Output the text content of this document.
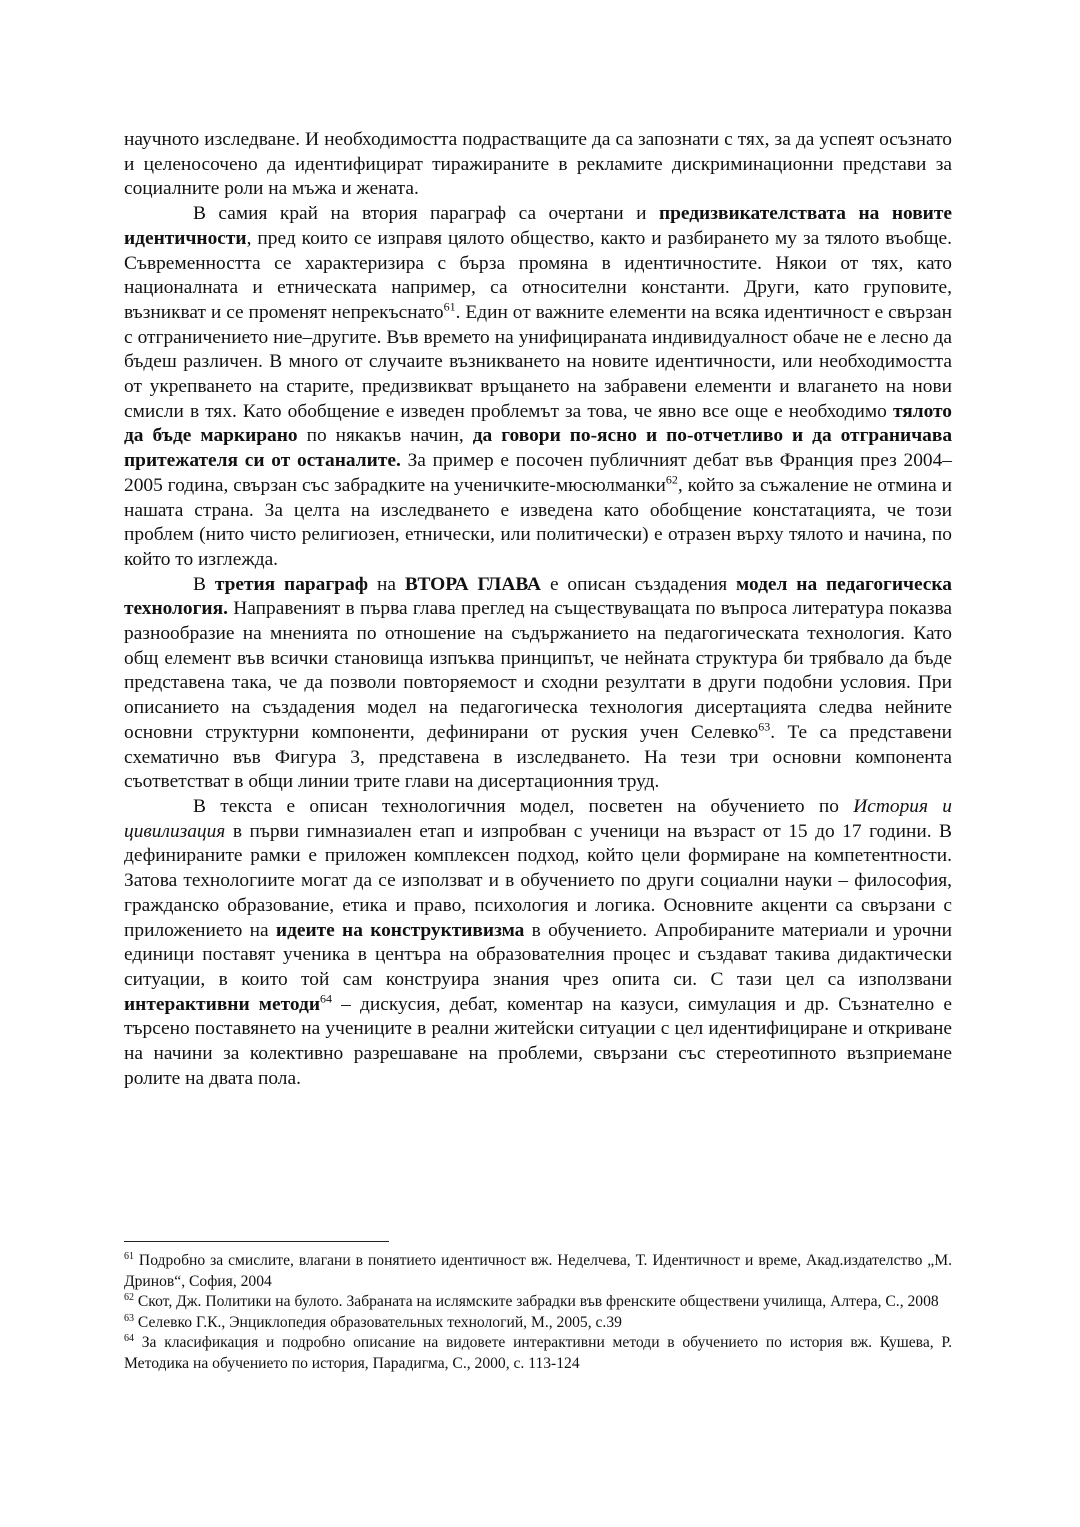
научното изследване. И необходимостта подрастващите да са запознати с тях, за да успеят осъзнато и целеносочено да идентифицират тиражираните в рекламите дискриминационни представи за социалните роли на мъжа и жената.

В самия край на втория параграф са очертани и предизвикателствата на новите идентичности, пред които се изправя цялото общество, както и разбирането му за тялото въобще. Съвременността се характеризира с бърза промяна в идентичностите. Някои от тях, като националната и етническата например, са относителни константи. Други, като груповите, възникват и се променят непрекъснато$^{61}$. Един от важните елементи на всяка идентичност е свързан с отграничението ние–другите. Във времето на унифицираната индивидуалност обаче не е лесно да бъдеш различен. В много от случаите възникването на новите идентичности, или необходимостта от укрепването на старите, предизвикват връщането на забравени елементи и влагането на нови смисли в тях. Като обобщение е изведен проблемът за това, че явно все още е необходимо тялото да бъде маркирано по някакъв начин, да говори по-ясно и по-отчетливо и да отграничава притежателя си от останалите. За пример е посочен публичният дебат във Франция през 2004–2005 година, свързан със забрадките на ученичките-мюсюлманки$^{62}$, който за съжаление не отмина и нашата страна. За целта на изследването е изведена като обобщение констатацията, че този проблем (нито чисто религиозен, етнически, или политически) е отразен върху тялото и начина, по който то изглежда.

В третия параграф на ВТОРА ГЛАВА е описан създадения модел на педагогическа технология. Направеният в първа глава преглед на съществуващата по въпроса литература показва разнообразие на мненията по отношение на съдържанието на педагогическата технология. Като общ елемент във всички становища изпъква принципът, че нейната структура би трябвало да бъде представена така, че да позволи повторяемост и сходни резултати в други подобни условия. При описанието на създадения модел на педагогическа технология дисертацията следва нейните основни структурни компоненти, дефинирани от руския учен Селевко$^{63}$. Те са представени схематично във Фигура 3, представена в изследването. На тези три основни компонента съответстват в общи линии трите глави на дисертационния труд.

В текста е описан технологичния модел, посветен на обучението по История и цивилизация в първи гимназиален етап и изпробван с ученици на възраст от 15 до 17 години. В дефинираните рамки е приложен комплексен подход, който цели формиране на компетентности. Затова технологиите могат да се използват и в обучението по други социални науки – философия, гражданско образование, етика и право, психология и логика. Основните акценти са свързани с приложението на идеите на конструктивизма в обучението. Апробираните материали и урочни единици поставят ученика в центъра на образователния процес и създават такива дидактически ситуации, в които той сам конструира знания чрез опита си. С тази цел са използвани интерактивни методи$^{64}$ – дискусия, дебат, коментар на казуси, симулация и др. Съзнателно е търсено поставянето на учениците в реални житейски ситуации с цел идентифициране и откриване на начини за колективно разрешаване на проблеми, свързани със стереотипното възприемане ролите на двата пола.

$^{61}$ Подробно за смислите, влагани в понятието идентичност вж. Неделчева, Т. Идентичност и време, Акад.издателство „М. Дринов“, София, 2004

$^{62}$ Скот, Дж. Политики на булото. Забраната на ислямските забрадки във френските обществени училища, Алтера, С., 2008

$^{63}$ Селевко Г.К., Энциклопедия образовательных технологий, М., 2005, с.39

$^{64}$ За класификация и подробно описание на видовете интерактивни методи в обучението по история вж. Кушева, Р. Методика на обучението по история, Парадигма, С., 2000, с. 113-124
